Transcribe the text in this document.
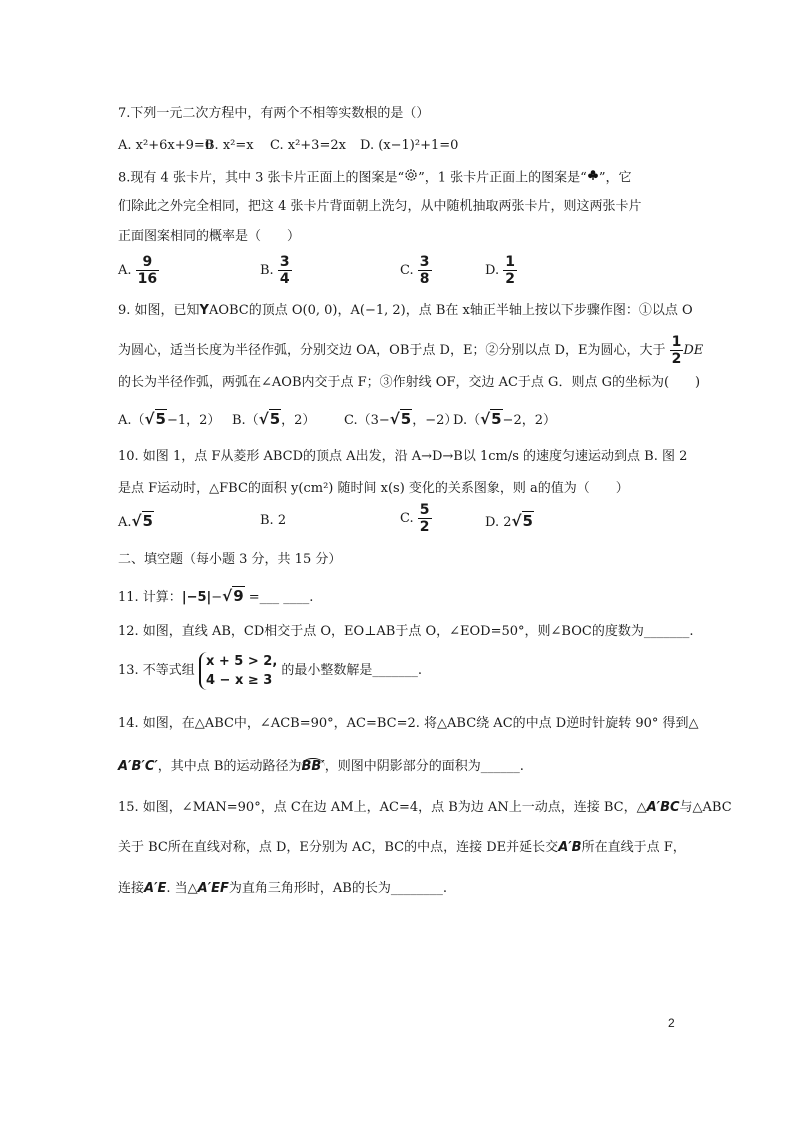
7.下列一元二次方程中，有两个不相等实数根的是（）
A. x²+6x+9=0
B. x²=x C. x²+3=2x D. (x−1)²+1=0
8.现有 4 张卡片，其中 3 张卡片正面上的图案是“ ”，1 张卡片正面上的图案是“ ”，它
们除此之外完全相同，把这 4 张卡片背面朝上洗匀，从中随机抽取两张卡片，则这两张卡片
正面图案相同的概率是（　　）
A. $\frac{9}{16}$	B. $\frac{3}{4}$	C. $\frac{3}{8}$	D. $\frac{1}{2}$
9. 如图，已知YAOBC的顶点 O(0, 0)，A(−1, 2)，点 B在 x轴正半轴上按以下步骤作图：①以点 O
为圆心，适当长度为半径作弧，分别交边 OA，OB于点 D，E；②分别以点 D，E为圆心，大于 $\frac{1}{2}$ DE
的长为半径作弧，两弧在∠AOB内交于点 F；③作射线 OF，交边 AC于点 G．则点 G的坐标为(　　)
A.（√5−1，2） B.（√5，2） C.（3−√5，−2）
D.（√5−2，2）
10. 如图 1，点 F从菱形 ABCD的顶点 A出发，沿 A→D→B以 1cm/s 的速度匀速运动到点 B. 图 2
是点 F运动时，△FBC的面积 y(cm²) 随时间 x(s) 变化的关系图象，则 a的值为（　　）
A.√5	B. 2	C. $\frac{5}{2}$	D. 2√5
二、填空题（每小题 3 分，共 15 分）
11. 计算：|−5|−√9 =___ ____.
12. 如图，直线 AB，CD相交于点 O，EO⊥AB于点 O，∠EOD=50°，则∠BOC的度数为_______.
13. 不等式组
x + 5 > 2,
4 − x ≥ 3
的最小整数解是_______.
14. 如图，在△ABC中，∠ACB=90°，AC=BC=2. 将△ABC绕 AC的中点 D逆时针旋转 90° 得到△
A′B′C′，其中点 B的运动路径为BB′，则图中阴影部分的面积为______.
15. 如图，∠MAN=90°，点 C在边 AM上，AC=4，点 B为边 AN上一动点，连接 BC，△A′BC与△ABC
关于 BC所在直线对称，点 D，E分别为 AC，BC的中点，连接 DE并延长交A′B所在直线于点 F，
连接A′E. 当△A′EF为直角三角形时，AB的长为________.
2
